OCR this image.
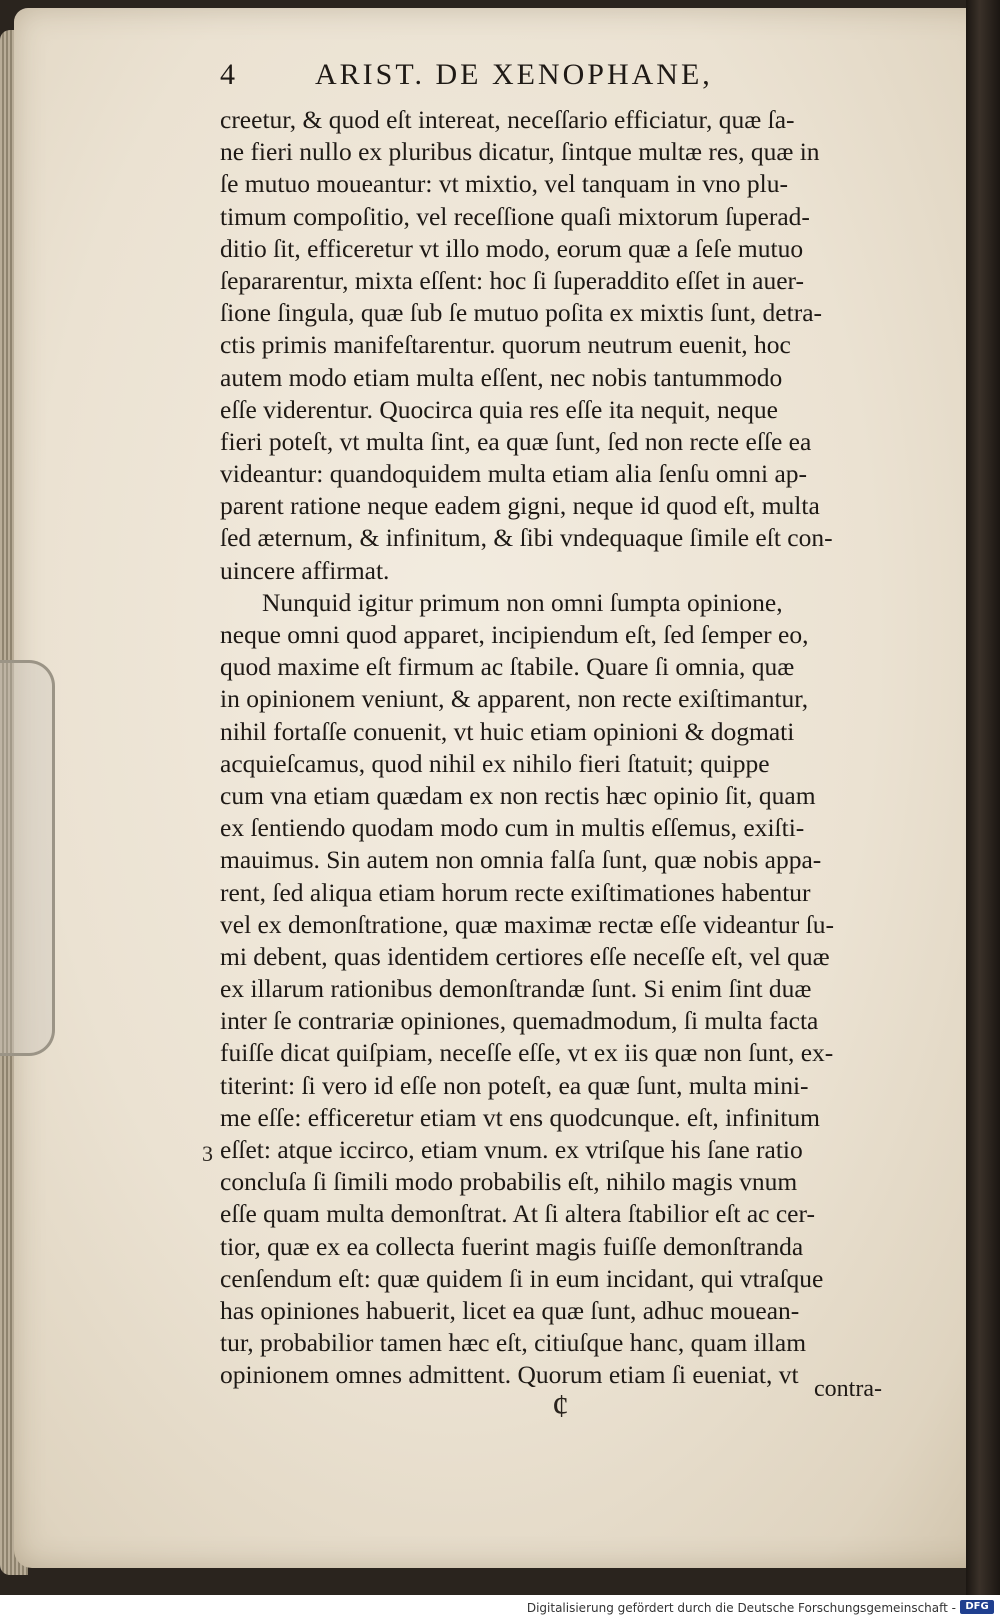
4	ARIST. DE XENOPHANE,
3
creetur, & quod eſt intereat, neceſſario efficiatur, quæ ſa-
ne fieri nullo ex pluribus dicatur, ſintque multæ res, quæ in
ſe mutuo moueantur: vt mixtio, vel tanquam in vno plu-
timum compoſitio, vel receſſione quaſi mixtorum ſuperad-
ditio ſit, efficeretur vt illo modo, eorum quæ a ſeſe mutuo
ſepararentur, mixta eſſent: hoc ſi ſuperaddito eſſet in auer-
ſione ſingula, quæ ſub ſe mutuo poſita ex mixtis ſunt, detra-
ctis primis manifeſtarentur. quorum neutrum euenit, hoc
autem modo etiam multa eſſent, nec nobis tantummodo
eſſe viderentur. Quocirca quia res eſſe ita nequit, neque
fieri poteſt, vt multa ſint, ea quæ ſunt, ſed non recte eſſe ea
videantur: quandoquidem multa etiam alia ſenſu omni ap-
parent ratione neque eadem gigni, neque id quod eſt, multa
ſed æternum, & infinitum, & ſibi vndequaque ſimile eſt con-
uincere affirmat.
Nunquid igitur primum non omni ſumpta opinione,
neque omni quod apparet, incipiendum eſt, ſed ſemper eo,
quod maxime eſt firmum ac ſtabile. Quare ſi omnia, quæ
in opinionem veniunt, & apparent, non recte exiſtimantur,
nihil fortaſſe conuenit, vt huic etiam opinioni & dogmati
acquieſcamus, quod nihil ex nihilo fieri ſtatuit; quippe
cum vna etiam quædam ex non rectis hæc opinio ſit, quam
ex ſentiendo quodam modo cum in multis eſſemus, exiſti-
mauimus. Sin autem non omnia falſa ſunt, quæ nobis appa-
rent, ſed aliqua etiam horum recte exiſtimationes habentur
vel ex demonſtratione, quæ maximæ rectæ eſſe videantur ſu-
mi debent, quas identidem certiores eſſe neceſſe eſt, vel quæ
ex illarum rationibus demonſtrandæ ſunt. Si enim ſint duæ
inter ſe contrariæ opiniones, quemadmodum, ſi multa facta
fuiſſe dicat quiſpiam, neceſſe eſſe, vt ex iis quæ non ſunt, ex-
titerint: ſi vero id eſſe non poteſt, ea quæ ſunt, multa mini-
me eſſe: efficeretur etiam vt ens quodcunque. eſt, infinitum
eſſet: atque iccirco, etiam vnum. ex vtriſque his ſane ratio
concluſa ſi ſimili modo probabilis eſt, nihilo magis vnum
eſſe quam multa demonſtrat. At ſi altera ſtabilior eſt ac cer-
tior, quæ ex ea collecta fuerint magis fuiſſe demonſtranda
cenſendum eſt: quæ quidem ſi in eum incidant, qui vtraſque
has opiniones habuerit, licet ea quæ ſunt, adhuc mouean-
tur, probabilior tamen hæc eſt, citiuſque hanc, quam illam
opinionem omnes admittent. Quorum etiam ſi eueniat, vt
ȼ	contra-
Digitalisierung gefördert durch die Deutsche Forschungsgemeinschaft - DFG
